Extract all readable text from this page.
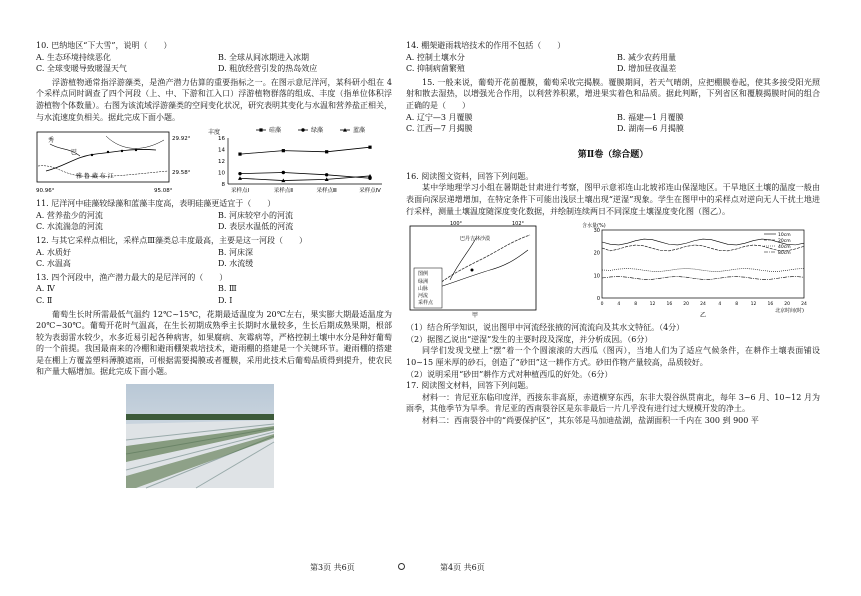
10. 巴纳地区“下大雪”，说明（　　）
A. 生态环境持续恶化	B. 全球从间冰期进入冰期
C. 全球变暖导致暖湿天气	D. 粗放经营引发的热岛效应
浮游植物通常指浮游藻类，是渔产潜力估算的重要指标之一。在图示意尼洋河，某科研小组在 4 个采样点同时调查了四个河段（上、中、下游和江入口）浮游植物群落的组成、丰度（指单位体积浮游植物个体数量）。右图为该流域浮游藻类的空间变化状况，研究表明其变化与水温和营养盐正相关，与水流速度负相关。据此完成下面小题。
秀
巴
雅 鲁 藏 布 江
29.92°
29.58°
90.96°	95.08°
丰度
16
14
12
10
8
采样点Ⅰ	采样点Ⅱ	采样点Ⅲ	采样点Ⅳ
硅藻	绿藻	蓝藻
11. 尼洋河中硅藻较绿藻和蓝藻丰度高，表明硅藻更适宜于（　　）
A. 营养盐少的河流	B. 河床较窄小的河流
C. 水流湍急的河流	D. 表层水温低的河流
12. 与其它采样点相比，采样点Ⅲ藻类总丰度最高，主要是这一河段（　　）
A. 水质好	B. 河床深
C. 水温高	D. 水流缓
13. 四个河段中，渔产潜力最大的是尼洋河的（　　）
A. Ⅳ	B. Ⅲ
C. Ⅱ	D. Ⅰ
葡萄生长时所需最低气温约 12℃~15℃，花期最适温度为 20℃左右，果实膨大期最适温度为 20℃~30℃。葡萄开花时气温高，在生长初期成熟季主长期时水量较多，生长后期成熟果期，根部较为表弱雷水较少，水多近易引起各种病害，如果腐病、灰霉病等，严格控制土壤中水分是种好葡萄的一个前提。我国最南来的冷棚和避雨棚架栽培技术，避雨棚的搭建是一个关键环节。避雨棚的搭建是在棚上方覆盖塑料薄膜遮雨，可根据需要揭膜或者覆膜，采用此技术后葡萄品质得到提升，使农民和产量大幅增加。据此完成下面小题。
14. 棚架避雨栽培技术的作用不包括（　　）
A. 控制土壤水分	B. 减少农药用量
C. 抑制病菌繁殖	D. 增加昼夜温差
15. 一般来说，葡萄开花前覆膜，葡萄采收完揭膜。覆膜期间，若天气晴朗，应把棚膜卷起，使其多接受阳光照射和散去湿热，以增强光合作用，以利营养积累，增进果实着色和品质。据此判断，下列省区和覆膜揭膜时间的组合正确的是（　　）
A. 辽宁—3 月覆膜	B. 福建—1 月覆膜
C. 江西—7 月揭膜	D. 湖南—6 月揭膜
第Ⅱ卷（综合题）
16. 阅读图文资料，回答下列问题。
某中学地理学习小组在暑期赴甘肃进行考察，图甲示意祁连山北坡祁连山保湿地区。干旱地区土壤的温度一般由表面向深层递增增加，在特定条件下可能出浅层土壤出现“逆湿”现象。学生在图甲中的采样点对逆向无人干扰土地进行采样，测量土壤温度随深度变化数据，并绘制连续两日不同深度土壤湿度变化图（图乙）。
100°	102°
巴丹吉林沙漠
图例
绿洲
山脉
河流
采样点
甲
含水量(%)
30
20
10
0
0	4	8	12 16 20 24	4	8	12 16 20 24
北京时间(时)
乙
10cm
20cm
40cm
80cm
（1）结合所学知识，说出图甲中河流经张掖的河流流向及其水文特征。（4分）
（2）据图乙说出“逆湿”发生的主要时段及深度，并分析成因。（6分）
同学们发现戈壁上“摆”着一个个圆滚滚的大西瓜（图丙），当地人们为了适应气候条件，在耕作土壤表面铺设 10~15 厘米厚的砂石，创造了“砂田”这一耕作方式。砂田作物产量较高，品质较好。
（2）说明采用“砂田”耕作方式对种植西瓜的好处。（6分）
17. 阅读图文材料，回答下列问题。
材料一：肯尼亚东临印度洋，西接东非高原，赤道横穿东西，东非大裂谷纵贯南北，每年 3~6 月、10~12 月为雨季，其他季节为旱季。肯尼亚的西南裂谷区是东非最后一片几乎没有进行过大规模开发的净土。
材料二：西南裂谷中的“尚要保护区”，其东邻是马加迪盐湖，盐湖面积一千内在 300 到 900 平
第3页 共6页	第4页 共6页
